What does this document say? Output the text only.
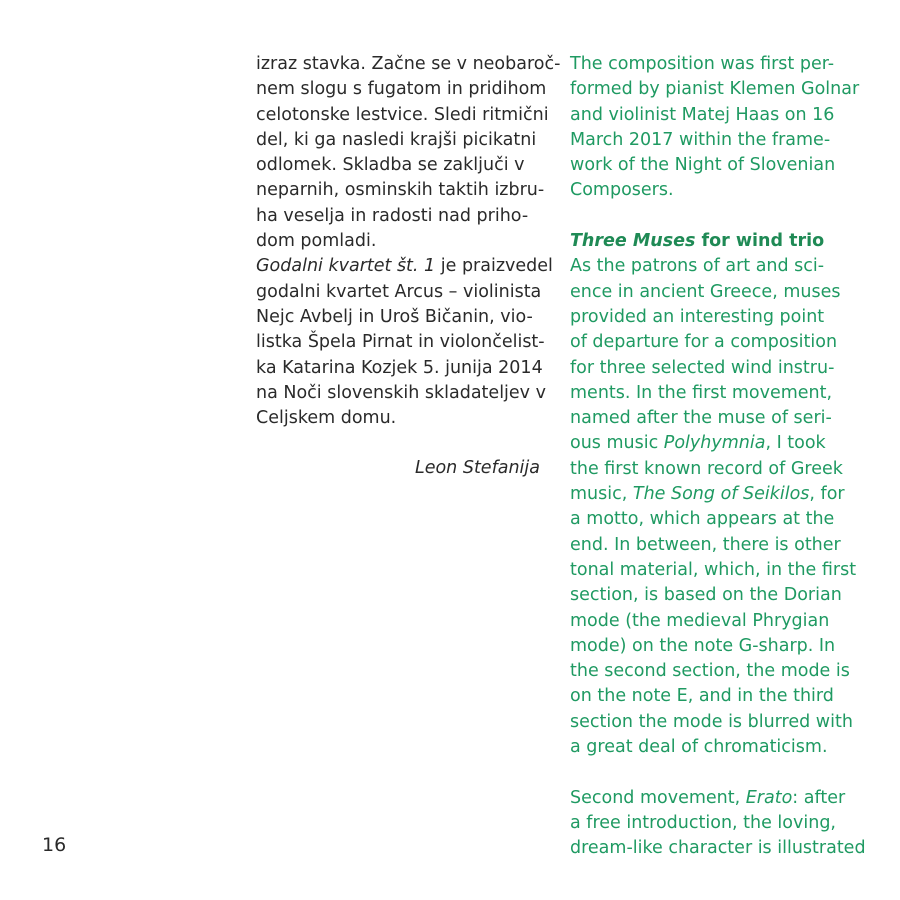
izraz stavka. Začne se v neobaroč-
nem slogu s fugatom in pridihom
celotonske lestvice. Sledi ritmični
del, ki ga nasledi krajši picikatni
odlomek. Skladba se zaključi v
neparnih, osminskih taktih izbru-
ha veselja in radosti nad priho-
dom pomladi.
Godalni kvartet št. 1 je praizvedel
godalni kvartet Arcus – violinista
Nejc Avbelj in Uroš Bičanin, vio-
listka Špela Pirnat in violončelist-
ka Katarina Kozjek 5. junija 2014
na Noči slovenskih skladateljev v
Celjskem domu.
Leon Stefanija
The composition was first per-
formed by pianist Klemen Golnar
and violinist Matej Haas on 16
March 2017 within the frame-
work of the Night of Slovenian
Composers.
Three Muses for wind trio
As the patrons of art and sci-
ence in ancient Greece, muses
provided an interesting point
of departure for a composition
for three selected wind instru-
ments. In the first movement,
named after the muse of seri-
ous music Polyhymnia, I took
the first known record of Greek
music, The Song of Seikilos, for
a motto, which appears at the
end. In between, there is other
tonal material, which, in the first
section, is based on the Dorian
mode (the medieval Phrygian
mode) on the note G-sharp. In
the second section, the mode is
on the note E, and in the third
section the mode is blurred with
a great deal of chromaticism.
Second movement, Erato: after
a free introduction, the loving,
dream-like character is illustrated
16
